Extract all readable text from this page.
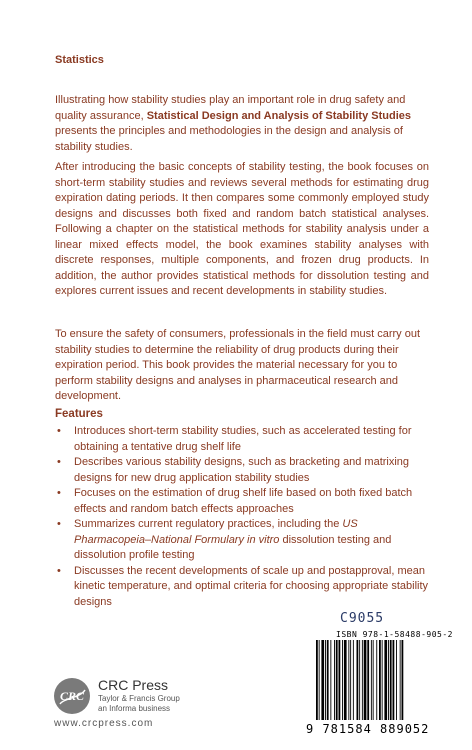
Statistics
Illustrating how stability studies play an important role in drug safety and quality assurance, Statistical Design and Analysis of Stability Studies presents the principles and methodologies in the design and analysis of stability studies.
After introducing the basic concepts of stability testing, the book focuses on short-term stability studies and reviews several methods for estimating drug expiration dating periods. It then compares some commonly employed study designs and discusses both fixed and random batch statistical analyses. Following a chapter on the statistical methods for stability analysis under a linear mixed effects model, the book examines stability analyses with discrete responses, multiple components, and frozen drug products. In addition, the author provides statistical methods for dissolution testing and explores current issues and recent developments in stability studies.
To ensure the safety of consumers, professionals in the field must carry out stability studies to determine the reliability of drug products during their expiration period. This book provides the material necessary for you to perform stability designs and analyses in pharmaceutical research and development.
Features
• Introduces short-term stability studies, such as accelerated testing for obtaining a tentative drug shelf life
• Describes various stability designs, such as bracketing and matrixing designs for new drug application stability studies
• Focuses on the estimation of drug shelf life based on both fixed batch effects and random batch effects approaches
• Summarizes current regulatory practices, including the US Pharmacopeia–National Formulary in vitro dissolution testing and dissolution profile testing
• Discusses the recent developments of scale up and postapproval, mean kinetic temperature, and optimal criteria for choosing appropriate stability designs
C9055
CRC
CRC Press
Taylor & Francis Group
an Informa business
www.crcpress.com
ISBN 978-1-58488-905-2
9 781584 889052
